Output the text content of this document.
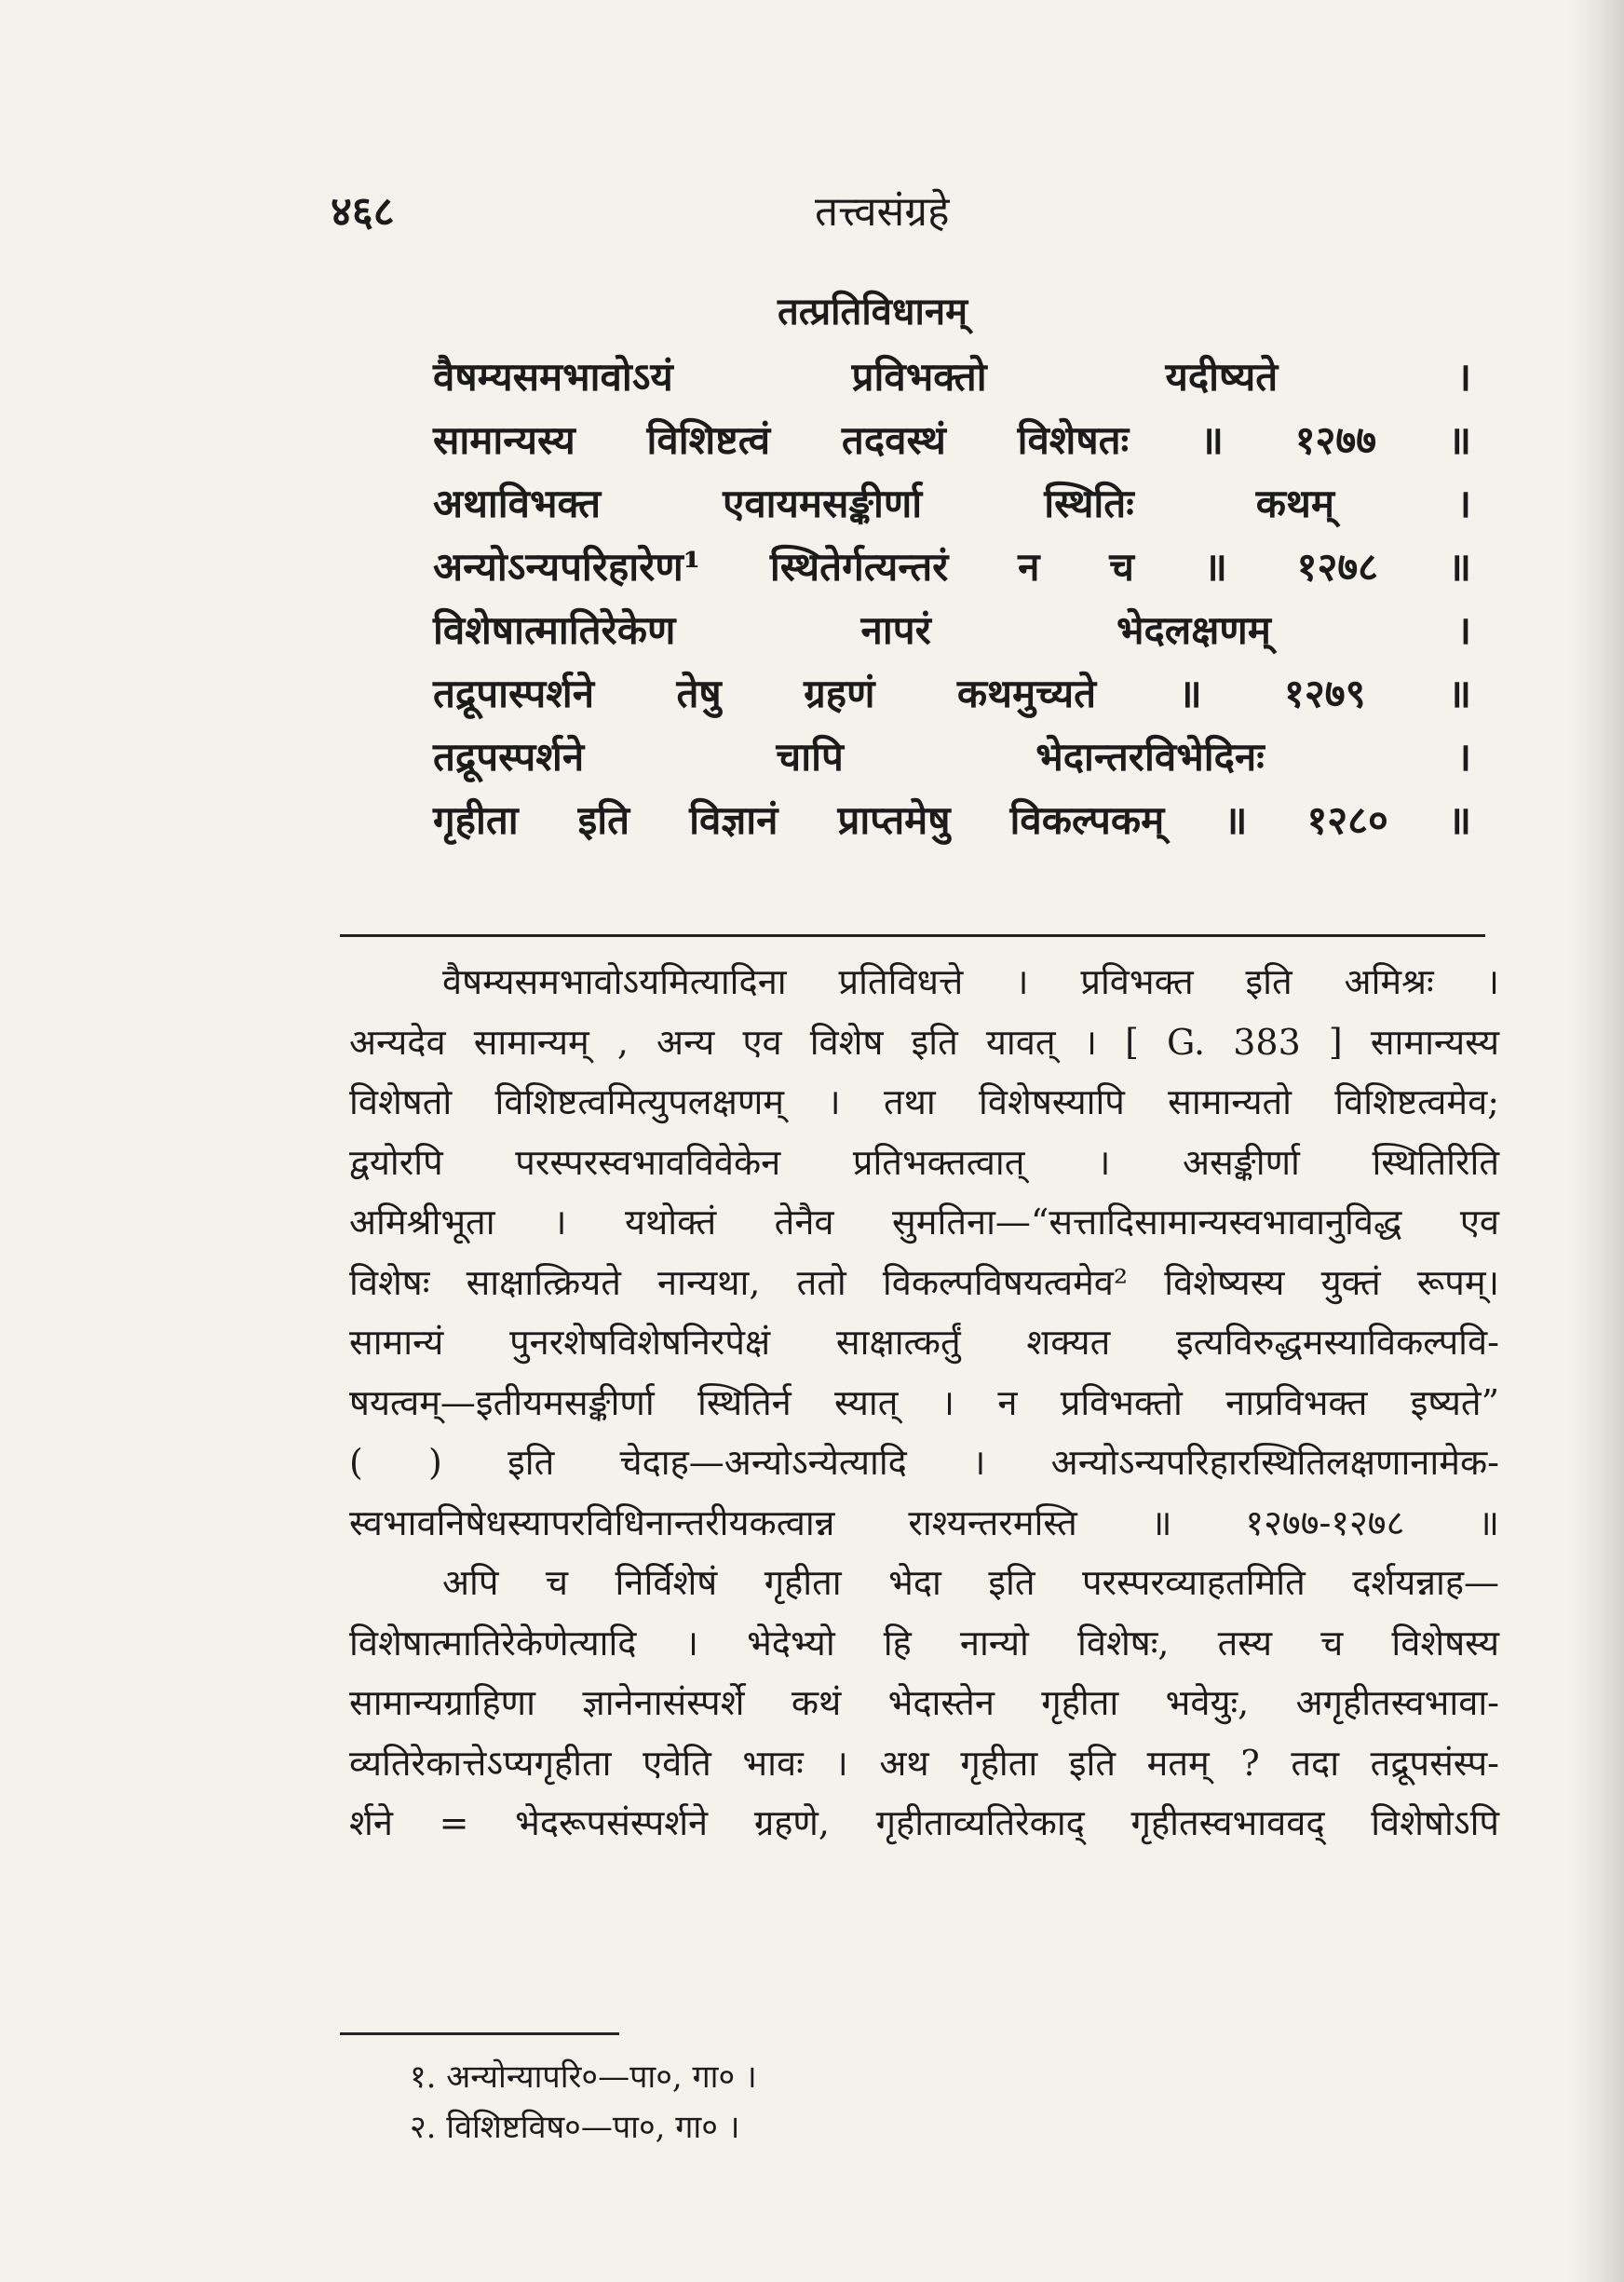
४६८	तत्त्वसंग्रहे
तत्प्रतिविधानम्
वैषम्यसमभावोऽयं प्रविभक्तो यदीष्यते ।
सामान्यस्य विशिष्टत्वं तदवस्थं विशेषतः ॥ १२७७ ॥
अथाविभक्त एवायमसङ्कीर्णा स्थितिः कथम् ।
अन्योऽन्यपरिहारेण¹ स्थितेर्गत्यन्तरं न च ॥ १२७८ ॥
विशेषात्मातिरेकेण नापरं भेदलक्षणम् ।
तद्रूपास्पर्शने तेषु ग्रहणं कथमुच्यते ॥ १२७९ ॥
तद्रूपस्पर्शने चापि भेदान्तरविभेदिनः ।
गृहीता इति विज्ञानं प्राप्तमेषु विकल्पकम् ॥ १२८० ॥

वैषम्यसमभावोऽयमित्यादिना प्रतिविधत्ते । प्रविभक्त इति अमिश्रः ।
अन्यदेव सामान्यम् , अन्य एव विशेष इति यावत् । [ G. 383 ] सामान्यस्य
विशेषतो विशिष्टत्वमित्युपलक्षणम् । तथा विशेषस्यापि सामान्यतो विशिष्टत्वमेव;
द्वयोरपि परस्परस्वभावविवेकेन प्रतिभक्तत्वात् । असङ्कीर्णा स्थितिरिति
अमिश्रीभूता । यथोक्तं तेनैव सुमतिना—“सत्तादिसामान्यस्वभावानुविद्ध एव
विशेषः साक्षात्क्रियते नान्यथा, ततो विकल्पविषयत्वमेव² विशेष्यस्य युक्तं रूपम्।
सामान्यं पुनरशेषविशेषनिरपेक्षं साक्षात्कर्तुं शक्यत इत्यविरुद्धमस्याविकल्पवि-
षयत्वम्—इतीयमसङ्कीर्णा स्थितिर्न स्यात् । न प्रविभक्तो नाप्रविभक्त इष्यते”
( ) इति चेदाह—अन्योऽन्येत्यादि । अन्योऽन्यपरिहारस्थितिलक्षणानामेक-
स्वभावनिषेधस्यापरविधिनान्तरीयकत्वान्न राश्यन्तरमस्ति ॥ १२७७-१२७८ ॥

अपि च निर्विशेषं गृहीता भेदा इति परस्परव्याहतमिति दर्शयन्नाह—
विशेषात्मातिरेकेणेत्यादि । भेदेभ्यो हि नान्यो विशेषः, तस्य च विशेषस्य
सामान्यग्राहिणा ज्ञानेनासंस्पर्शे कथं भेदास्तेन गृहीता भवेयुः, अगृहीतस्वभावा-
व्यतिरेकात्तेऽप्यगृहीता एवेति भावः । अथ गृहीता इति मतम् ? तदा तद्रूपसंस्प-
र्शने = भेदरूपसंस्पर्शने ग्रहणे, गृहीताव्यतिरेकाद् गृहीतस्वभाववद् विशेषोऽपि

१. अन्योन्यापरि०—पा०, गा० ।
२. विशिष्टविष०—पा०, गा० ।
